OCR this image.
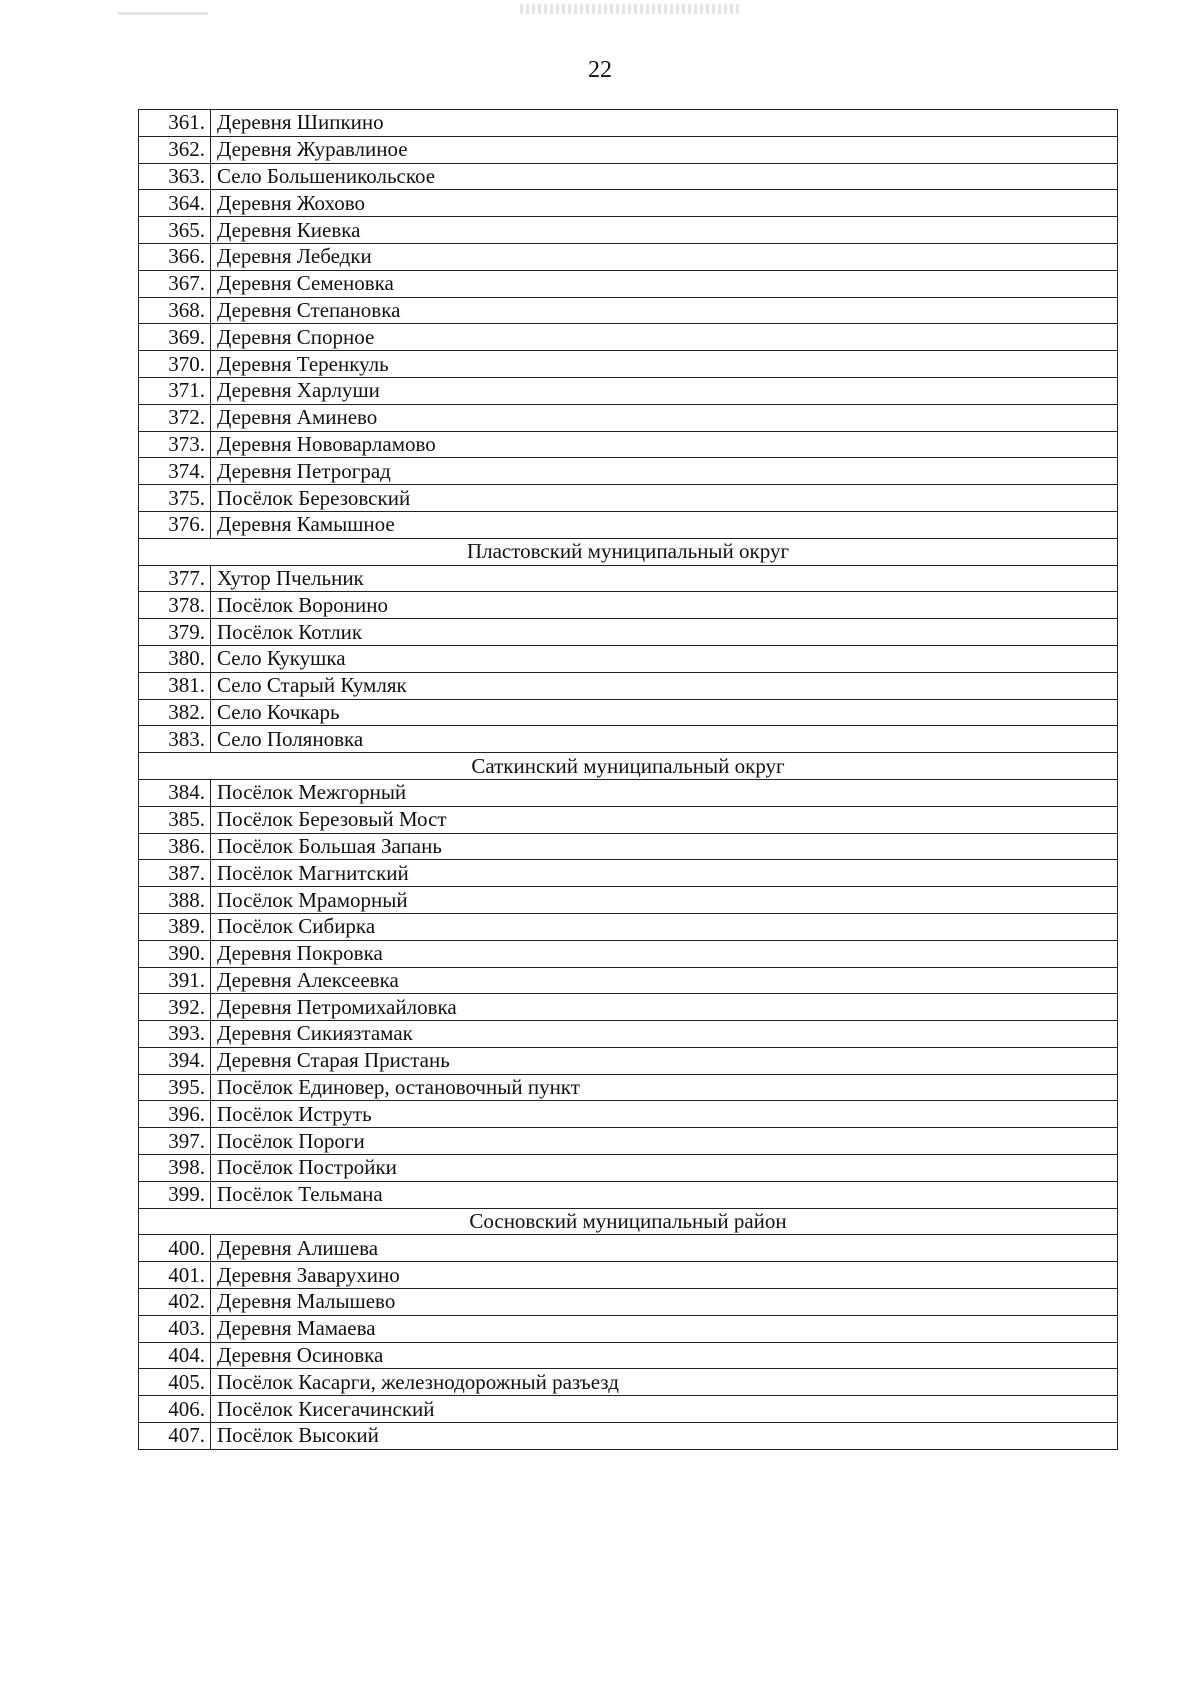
22
361.	Деревня Шипкино
362.	Деревня Журавлиное
363.	Село Большеникольское
364.	Деревня Жохово
365.	Деревня Киевка
366.	Деревня Лебедки
367.	Деревня Семеновка
368.	Деревня Степановка
369.	Деревня Спорное
370.	Деревня Теренкуль
371.	Деревня Харлуши
372.	Деревня Аминево
373.	Деревня Нововарламово
374.	Деревня Петроград
375.	Посёлок Березовский
376.	Деревня Камышное
Пластовский муниципальный округ	
377.	Хутор Пчельник
378.	Посёлок Воронино
379.	Посёлок Котлик
380.	Село Кукушка
381.	Село Старый Кумляк
382.	Село Кочкарь
383.	Село Поляновка
Саткинский муниципальный округ	
384.	Посёлок Межгорный
385.	Посёлок Березовый Мост
386.	Посёлок Большая Запань
387.	Посёлок Магнитский
388.	Посёлок Мраморный
389.	Посёлок Сибирка
390.	Деревня Покровка
391.	Деревня Алексеевка
392.	Деревня Петромихайловка
393.	Деревня Сикиязтамак
394.	Деревня Старая Пристань
395.	Посёлок Единовер, остановочный пункт
396.	Посёлок Иструть
397.	Посёлок Пороги
398.	Посёлок Постройки
399.	Посёлок Тельмана
Сосновский муниципальный район	
400.	Деревня Алишева
401.	Деревня Заварухино
402.	Деревня Малышево
403.	Деревня Мамаева
404.	Деревня Осиновка
405.	Посёлок Касарги, железнодорожный разъезд
406.	Посёлок Кисегачинский
407.	Посёлок Высокий
